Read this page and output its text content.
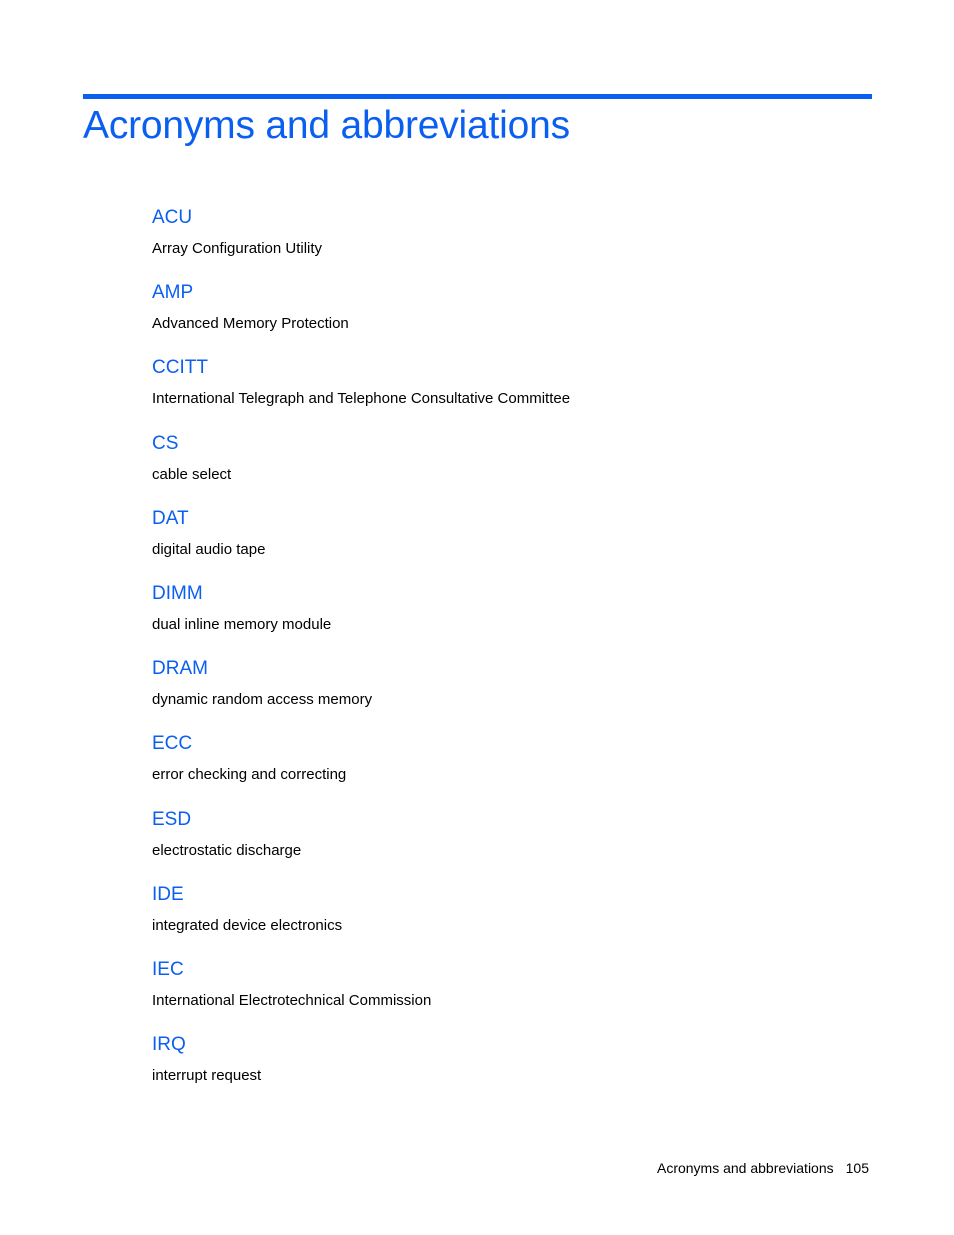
Acronyms and abbreviations
ACU
Array Configuration Utility
AMP
Advanced Memory Protection
CCITT
International Telegraph and Telephone Consultative Committee
CS
cable select
DAT
digital audio tape
DIMM
dual inline memory module
DRAM
dynamic random access memory
ECC
error checking and correcting
ESD
electrostatic discharge
IDE
integrated device electronics
IEC
International Electrotechnical Commission
IRQ
interrupt request
Acronyms and abbreviations 105
